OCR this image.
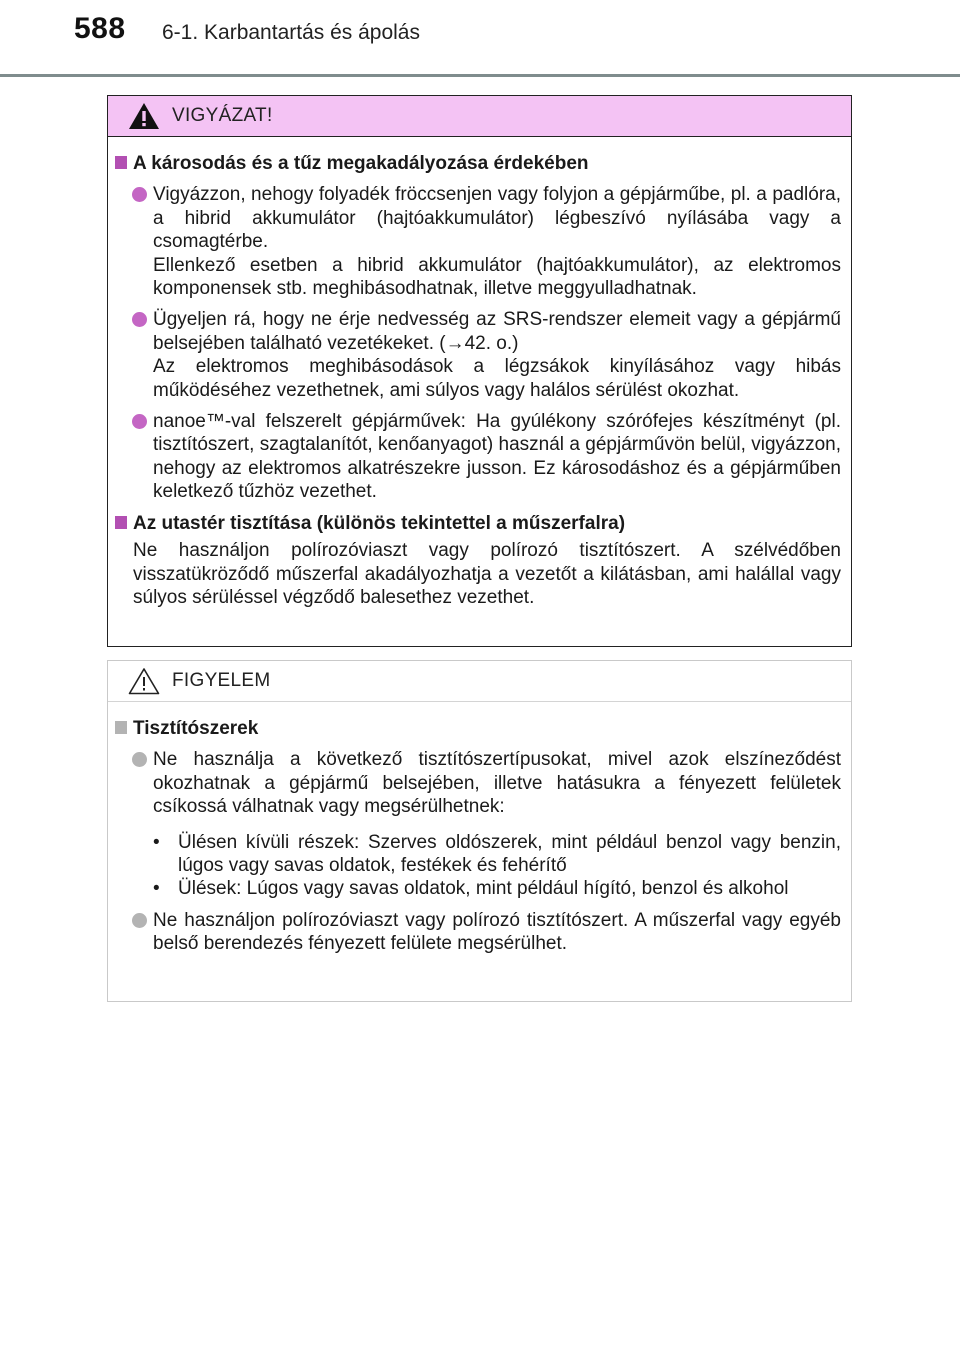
588 6-1. Karbantartás és ápolás
VIGYÁZAT!
A károsodás és a tűz megakadályozása érdekében
Vigyázzon, nehogy folyadék fröccsenjen vagy folyjon a gépjárműbe, pl. a padlóra, a hibrid akkumulátor (hajtóakkumulátor) légbeszívó nyílásába vagy a csomagtérbe.
Ellenkező esetben a hibrid akkumulátor (hajtóakkumulátor), az elektromos komponensek stb. meghibásodhatnak, illetve meggyulladhatnak.
Ügyeljen rá, hogy ne érje nedvesség az SRS-rendszer elemeit vagy a gépjármű belsejében található vezetékeket. (→42. o.)
Az elektromos meghibásodások a légzsákok kinyílásához vagy hibás működéséhez vezethetnek, ami súlyos vagy halálos sérülést okozhat.
nanoe™-val felszerelt gépjárművek: Ha gyúlékony szórófejes készítményt (pl. tisztítószert, szagtalanítót, kenőanyagot) használ a gépjárművön belül, vigyázzon, nehogy az elektromos alkatrészekre jusson. Ez károsodáshoz és a gépjárműben keletkező tűzhöz vezethet.
Az utastér tisztítása (különös tekintettel a műszerfalra)
Ne használjon polírozóviaszt vagy polírozó tisztítószert. A szélvédőben visszatükröződő műszerfal akadályozhatja a vezetőt a kilátásban, ami halállal vagy súlyos sérüléssel végződő balesethez vezethet.
FIGYELEM
Tisztítószerek
Ne használja a következő tisztítószertípusokat, mivel azok elszíneződést okozhatnak a gépjármű belsejében, illetve hatásukra a fényezett felületek csíkossá válhatnak vagy megsérülhetnek:
• Ülésen kívüli részek: Szerves oldószerek, mint például benzol vagy benzin, lúgos vagy savas oldatok, festékek és fehérítő
• Ülések: Lúgos vagy savas oldatok, mint például hígító, benzol és alkohol
Ne használjon polírozóviaszt vagy polírozó tisztítószert. A műszerfal vagy egyéb belső berendezés fényezett felülete megsérülhet.
